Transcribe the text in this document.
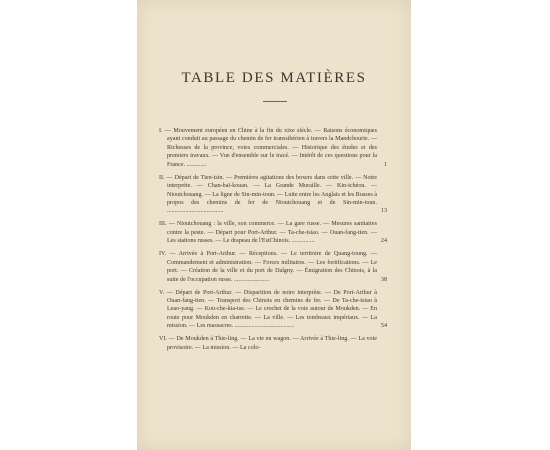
TABLE DES MATIÈRES
I. — Mouvement européen en Chine à la fin du xixe siècle. — Raisons économiques ayant conduit au passage du chemin de fer transsibérien à travers la Mandchourie. — Richesses de la province, voies commerciales. — Historique des études et des premiers travaux. — Vue d'ensemble sur le tracé. — Intérêt de ces questions pour la France. .............	1
II. — Départ de Tien-tsin. — Premières agitations des boxers dans cette ville. — Notre interprète. — Chan-haï-kouan. — La Grande Muraille. — Kin-tchéou. — Nioutchouang. — La ligne de Sin-min-toun. — Lutte entre les Anglais et les Russes à propos des chemins de fer de Nioutchouang et de Sin-min-toun. .....................................	13
III. — Nioutchouang : la ville, son commerce. — La gare russe. — Mesures sanitaires contre la peste. — Départ pour Port-Arthur. — Ta-che-tsiao. — Ouan-fang-tien. — Les stations russes. — Le drapeau de l'EstChinois. ...............	24
IV. — Arrivée à Port-Arthur. — Réceptions. — Le territoire de Quang-toung. — Commandement et administration. — Forces militaires. — Les fortifications. — Le port. — Création de la ville et du port de Dalgny. — Émigration des Chinois, à la suite de l'occupation russe. .......................	38
V. — Départ de Port-Arthur. — Disparition de notre interprète. — De Port-Arthur à Ouan-fang-tien. — Transport des Chinois en chemins de fer. — De Ta-che-tsiao à Leao-yang. — Kou-che-kia-tse. — Le crochet de la voie autour de Moukden. — En route pour Moukden en charrette. — La ville. — Les tombeaux impériaux. — La mission. — Les massacres. .......................................	54
VI. — De Moukden à Thie-ling. — La vie en wagon. — Arrivée à Thie-ling. — La voie provisoire. — La mission. — La colo-
